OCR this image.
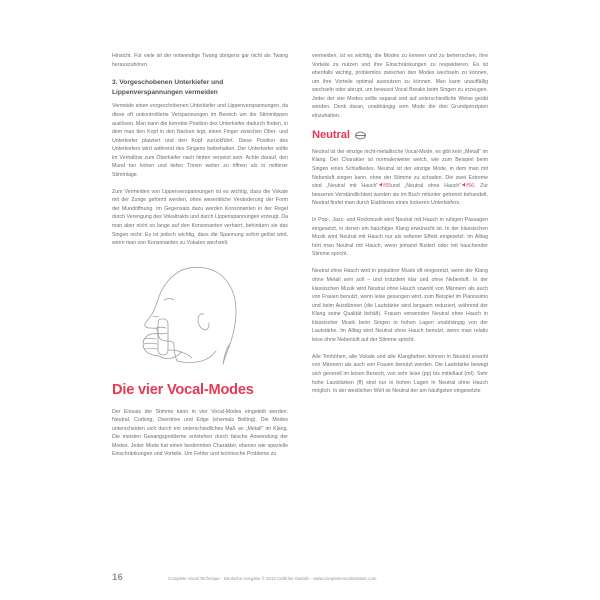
Hinsicht. Für viele ist der notwendige Twang übrigens gar nicht als Twang herauszuhören.

3. Vorgeschobenen Unterkiefer und Lippenverspannungen vermeiden

Vermeide einen vorgeschobenen Unterkiefer und Lippenverspannungen, da diese oft unkontrollierte Verspannungen im Bereich um die Stimmlippen auslösen. Man kann die korrekte Position des Unterkiefer dadurch finden, in dem man den Kopf in den Nacken legt, einen Finger zwischen Ober- und Unterkiefer platziert und den Kopf zurückführt. Diese Position des Unterkiefers wird während des Singens beibehalten. Der Unterkiefer sollte im Verhältnis zum Oberkiefer nach hinten versetzt sein. Achte darauf, den Mund bei hohen und tiefen Tönen weiter zu öffnen als in mittlerer Stimmlage.

Zum Vermeiden von Lippenverspannungen ist es wichtig, dass die Vokale mit der Zunge geformt werden, ohne wesentliche Veränderung der Form der Mundöffnung. Im Gegensatz dazu werden Konsonanten in der Regel durch Verengung des Vokaltrakts und durch Lippenspannungen erzeugt. Da man aber nicht so lange auf den Konsonanten verharrt, behindern sie das Singen nicht. Es ist jedoch wichtig, dass die Spannung sofort gelöst wird, wenn man von Konsonanten zu Vokalen wechselt.

Die vier Vocal-Modes

Der Einsatz der Stimme kann in vier Vocal-Modes eingeteilt werden: Neutral, Curbing, Overdrive und Edge (ehemals Belting). Die Modes unterscheiden sich durch ein unterschiedliches Maß an „Metall" im Klang. Die meisten Gesangsprobleme entstehen durch falsche Anwendung der Modes. Jeder Mode hat einen bestimmten Charakter, ebenso wie spezielle Einschränkungen und Vorteile. Um Fehler und technische Probleme zu

vermeiden, ist es wichtig, die Modes zu kennen und zu beherrschen, ihre Vorteile zu nutzen und ihre Einschränkungen zu respektieren. Es ist ebenfalls wichtig, problemlos zwischen den Modes wechseln zu können, um ihre Vorteile optimal ausnutzen zu können. Man kann unauffällig wechseln oder abrupt, um bewusst Vocal Breaks beim Singen zu erzeugen. Jeder der vier Modes sollte separat und auf unterschiedliche Weise geübt werden. Denk daran, unabhängig vom Mode die drei Grundprinzipien einzuhalten.

Neutral

Neutral ist der einzige nicht-metallische Vocal-Mode, es gibt kein „Metall" im Klang. Der Charakter ist normalerweise weich, wie zum Beispiel beim Singen eines Schlafliedes. Neutral ist der einzige Mode, in dem man mit Nebenluft singen kann, ohne der Stimme zu schaden. Die zwei Extreme sind „Neutral mit Hauch" 55und „Neutral ohne Hauch" 56. Zur besseren Verständlichkeit werden sie im Buch mitunter getrennt behandelt. Neutral findet man durch Etablieren eines lockeren Unterkiefers.

In Pop-, Jazz- und Rockmusik wird Neutral mit Hauch in ruhigen Passagen eingesetzt, in denen ein hauchiger Klang erwünscht ist. In der klassischen Musik wird Neutral mit Hauch nur als seltener Effekt eingesetzt. Im Alltag hört man Neutral mit Hauch, wenn jemand flüstert oder mit hauchender Stimme spricht.

Neutral ohne Hauch wird in populärer Musik oft eingesetzt, wenn der Klang ohne Metall sein soll – und trotzdem klar und ohne Nebenluft. In der klassischen Musik wird Neutral ohne Hauch sowohl von Männern als auch von Frauen benutzt, wenn leise gesungen wird, zum Beispiel im Pianissimo und beim Ausdünnen (die Lautstärke wird langsam reduziert, während der Klang seine Qualität behält). Frauen verwenden Neutral ohne Hauch in klassischer Musik beim Singen in hohen Lagen unabhängig von der Lautstärke. Im Alltag wird Neutral ohne Hauch benutzt, wenn man relativ leise ohne Nebenluft auf der Stimme spricht.

Alle Tonhöhen, alle Vokale und alle Klangfarben können in Neutral sowohl von Männern als auch von Frauen benutzt werden. Die Lautstärke bewegt sich generell im leisen Bereich, von sehr leise (pp) bis mittellaut (mf). Sehr hohe Lautstärken (ff) sind nur in hohen Lagen in Neutral ohne Hauch möglich. In der westlichen Welt ist Neutral der am häufigsten eingesetzte

16	Complete Vocal Technique · Deutsche Ausgabe © 2013 Cathrine Sadolin · www.completevocalinstitute.com
